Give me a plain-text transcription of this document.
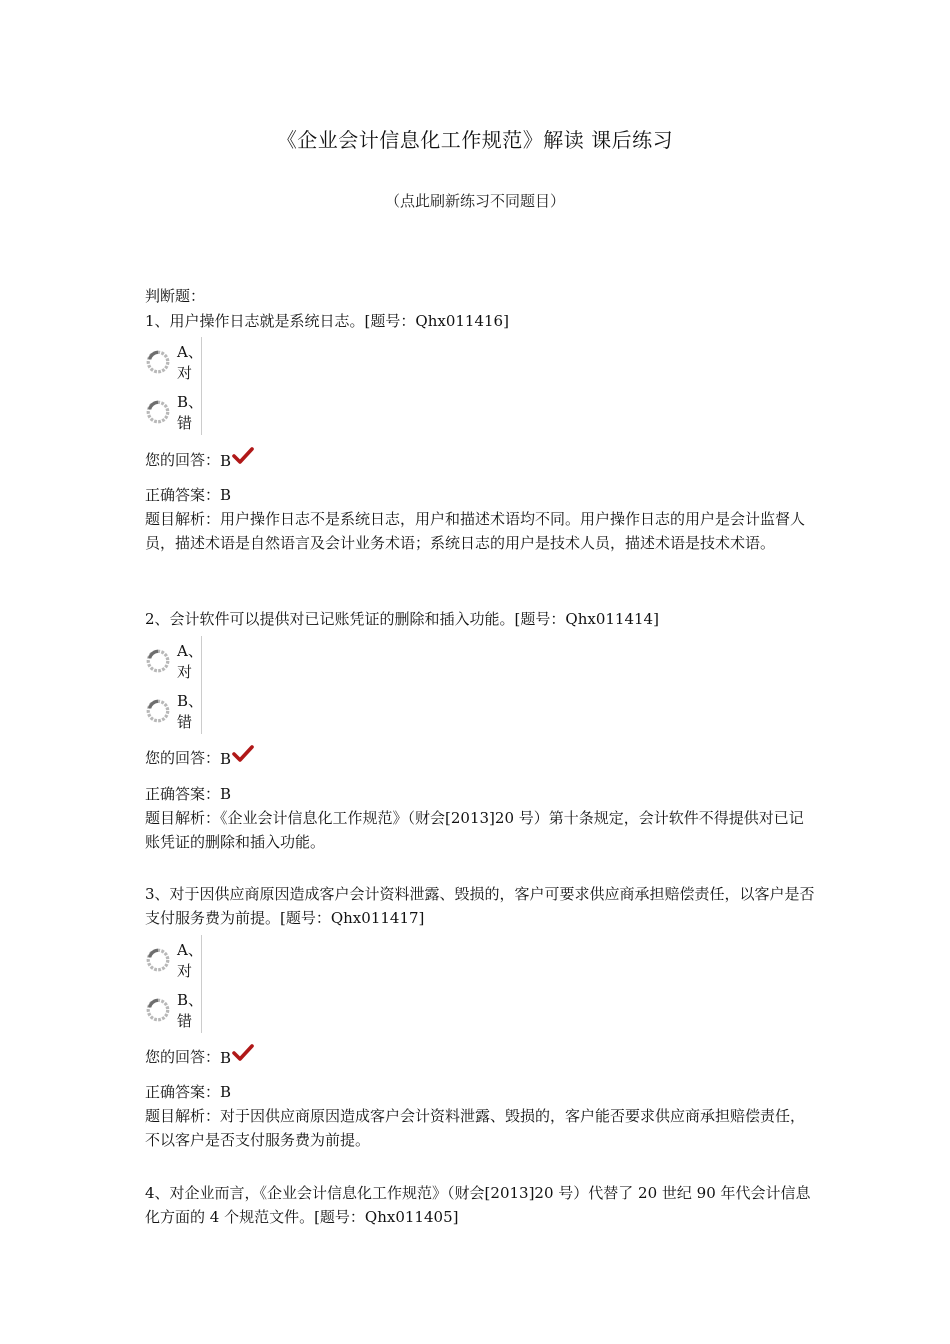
《企业会计信息化工作规范》解读 课后练习
（点此刷新练习不同题目）
判断题：
1、用户操作日志就是系统日志。[题号：Qhx011416]
A、对
B、错
您的回答： B
正确答案：B
题目解析：用户操作日志不是系统日志，用户和描述术语均不同。用户操作日志的用户是会计监督人员，描述术语是自然语言及会计业务术语；系统日志的用户是技术人员，描述术语是技术术语。
2、会计软件可以提供对已记账凭证的删除和插入功能。[题号：Qhx011414]
A、对
B、错
您的回答： B
正确答案：B
题目解析：《企业会计信息化工作规范》（财会[2013]20 号）第十条规定，会计软件不得提供对已记账凭证的删除和插入功能。
3、对于因供应商原因造成客户会计资料泄露、毁损的，客户可要求供应商承担赔偿责任，以客户是否支付服务费为前提。[题号：Qhx011417]
A、对
B、错
您的回答： B
正确答案：B
题目解析：对于因供应商原因造成客户会计资料泄露、毁损的，客户能否要求供应商承担赔偿责任，不以客户是否支付服务费为前提。
4、对企业而言，《企业会计信息化工作规范》（财会[2013]20 号）代替了 20 世纪 90 年代会计信息化方面的 4 个规范文件。[题号：Qhx011405]
